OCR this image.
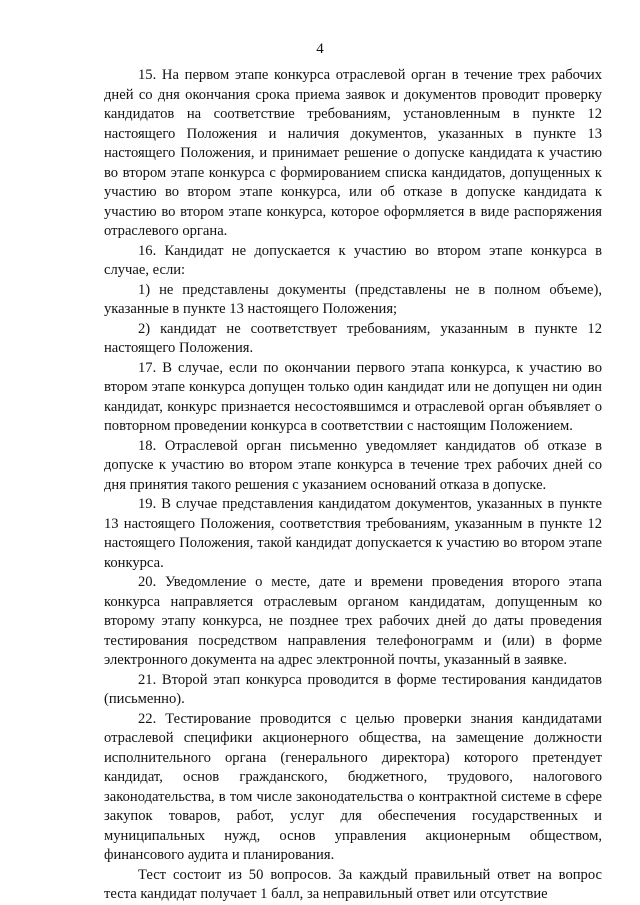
4

15. На первом этапе конкурса отраслевой орган в течение трех рабочих дней со дня окончания срока приема заявок и документов проводит проверку кандидатов на соответствие требованиям, установленным в пункте 12 настоящего Положения и наличия документов, указанных в пункте 13 настоящего Положения, и принимает решение о допуске кандидата к участию во втором этапе конкурса с формированием списка кандидатов, допущенных к участию во втором этапе конкурса, или об отказе в допуске кандидата к участию во втором этапе конкурса, которое оформляется в виде распоряжения отраслевого органа.

16. Кандидат не допускается к участию во втором этапе конкурса в случае, если:

1) не представлены документы (представлены не в полном объеме), указанные в пункте 13 настоящего Положения;

2) кандидат не соответствует требованиям, указанным в пункте 12 настоящего Положения.

17. В случае, если по окончании первого этапа конкурса, к участию во втором этапе конкурса допущен только один кандидат или не допущен ни один кандидат, конкурс признается несостоявшимся и отраслевой орган объявляет о повторном проведении конкурса в соответствии с настоящим Положением.

18. Отраслевой орган письменно уведомляет кандидатов об отказе в допуске к участию во втором этапе конкурса в течение трех рабочих дней со дня принятия такого решения с указанием оснований отказа в допуске.

19. В случае представления кандидатом документов, указанных в пункте 13 настоящего Положения, соответствия требованиям, указанным в пункте 12 настоящего Положения, такой кандидат допускается к участию во втором этапе конкурса.

20. Уведомление о месте, дате и времени проведения второго этапа конкурса направляется отраслевым органом кандидатам, допущенным ко второму этапу конкурса, не позднее трех рабочих дней до даты проведения тестирования посредством направления телефонограмм и (или) в форме электронного документа на адрес электронной почты, указанный в заявке.

21. Второй этап конкурса проводится в форме тестирования кандидатов (письменно).

22. Тестирование проводится с целью проверки знания кандидатами отраслевой специфики акционерного общества, на замещение должности исполнительного органа (генерального директора) которого претендует кандидат, основ гражданского, бюджетного, трудового, налогового законодательства, в том числе законодательства о контрактной системе в сфере закупок товаров, работ, услуг для обеспечения государственных и муниципальных нужд, основ управления акционерным обществом, финансового аудита и планирования.

Тест состоит из 50 вопросов. За каждый правильный ответ на вопрос теста кандидат получает 1 балл, за неправильный ответ или отсутствие
